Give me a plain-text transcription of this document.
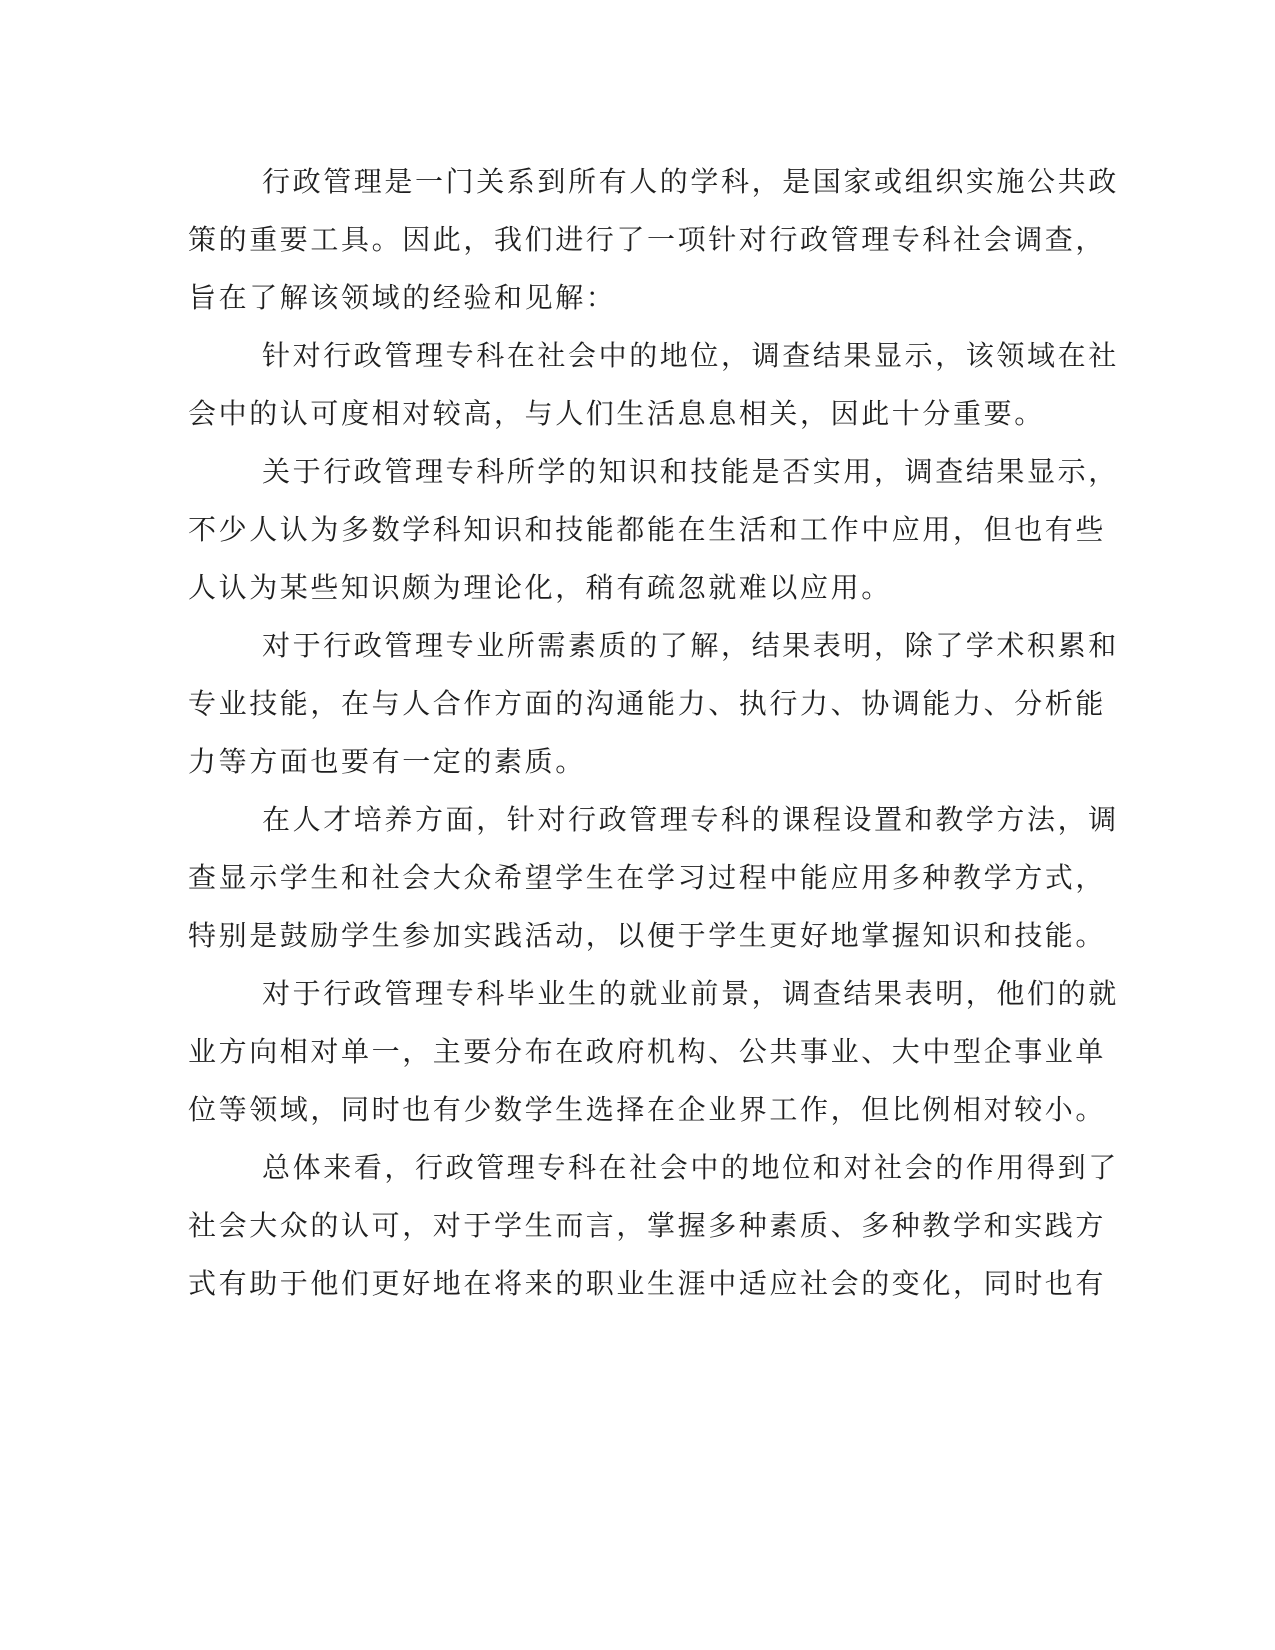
行政管理是一门关系到所有人的学科，是国家或组织实施公共政
策的重要工具。因此，我们进行了一项针对行政管理专科社会调查，
旨在了解该领域的经验和见解：
针对行政管理专科在社会中的地位，调查结果显示，该领域在社
会中的认可度相对较高，与人们生活息息相关，因此十分重要。
关于行政管理专科所学的知识和技能是否实用，调查结果显示，
不少人认为多数学科知识和技能都能在生活和工作中应用，但也有些
人认为某些知识颇为理论化，稍有疏忽就难以应用。
对于行政管理专业所需素质的了解，结果表明，除了学术积累和
专业技能，在与人合作方面的沟通能力、执行力、协调能力、分析能
力等方面也要有一定的素质。
在人才培养方面，针对行政管理专科的课程设置和教学方法，调
查显示学生和社会大众希望学生在学习过程中能应用多种教学方式，
特别是鼓励学生参加实践活动，以便于学生更好地掌握知识和技能。
对于行政管理专科毕业生的就业前景，调查结果表明，他们的就
业方向相对单一，主要分布在政府机构、公共事业、大中型企事业单
位等领域，同时也有少数学生选择在企业界工作，但比例相对较小。
总体来看，行政管理专科在社会中的地位和对社会的作用得到了
社会大众的认可，对于学生而言，掌握多种素质、多种教学和实践方
式有助于他们更好地在将来的职业生涯中适应社会的变化，同时也有
